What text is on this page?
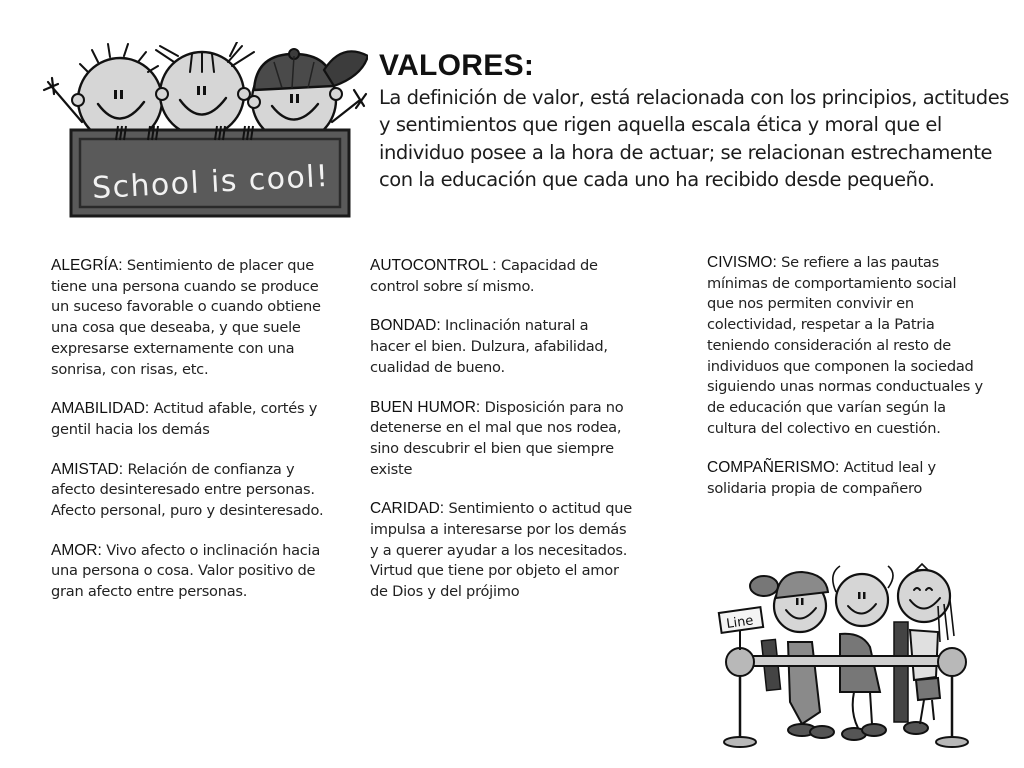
School is cool!
VALORES:

La definición de valor, está relacionada con los principios, actitudes y sentimientos que rigen aquella escala ética y moral que el individuo posee a la hora de actuar; se relacionan estrechamente con la educación que cada uno ha recibido desde pequeño.

ALEGRÍA: Sentimiento de placer que tiene una persona cuando se produce un suceso favorable o cuando obtiene una cosa que deseaba, y que suele expresarse externamente con una sonrisa, con risas, etc.

AMABILIDAD: Actitud afable, cortés y gentil hacia los demás

AMISTAD: Relación de confianza y afecto desinteresado entre personas. Afecto personal, puro y desinteresado.

AMOR: Vivo afecto o inclinación hacia una persona o cosa. Valor positivo de gran afecto entre personas.

AUTOCONTROL : Capacidad de control sobre sí mismo.

BONDAD: Inclinación natural a hacer el bien. Dulzura, afabilidad, cualidad de bueno.

BUEN HUMOR: Disposición para no detenerse en el mal que nos rodea, sino descubrir el bien que siempre existe

CARIDAD: Sentimiento o actitud que impulsa a interesarse por los demás y a querer ayudar a los necesitados. Virtud que tiene por objeto el amor de Dios y del prójimo

CIVISMO: Se refiere a las pautas mínimas de comportamiento social que nos permiten convivir en colectividad, respetar a la Patria teniendo consideración al resto de individuos que componen la sociedad siguiendo unas normas conductuales y de educación que varían según la cultura del colectivo en cuestión.

COMPAÑERISMO: Actitud leal y solidaria propia de compañero

Line
